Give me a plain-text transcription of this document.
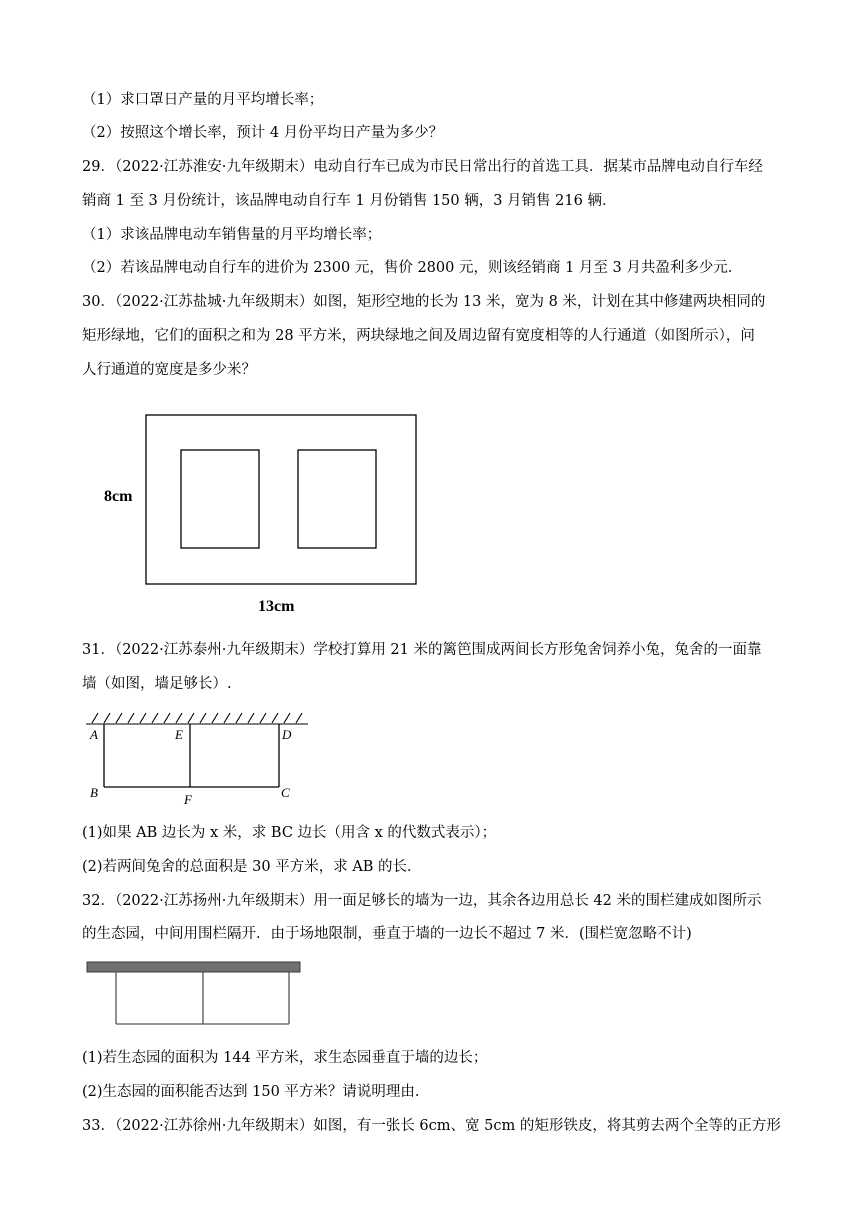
（1）求口罩日产量的月平均增长率；
（2）按照这个增长率，预计 4 月份平均日产量为多少？
29．（2022·江苏淮安·九年级期末）电动自行车已成为市民日常出行的首选工具．据某市品牌电动自行车经
销商 1 至 3 月份统计，该品牌电动自行车 1 月份销售 150 辆，3 月销售 216 辆．
（1）求该品牌电动车销售量的月平均增长率；
（2）若该品牌电动自行车的进价为 2300 元，售价 2800 元，则该经销商 1 月至 3 月共盈利多少元．
30．（2022·江苏盐城·九年级期末）如图，矩形空地的长为 13 米，宽为 8 米，计划在其中修建两块相同的
矩形绿地，它们的面积之和为 28 平方米，两块绿地之间及周边留有宽度相等的人行通道（如图所示），问
人行通道的宽度是多少米？
8cm
13cm
31．（2022·江苏泰州·九年级期末）学校打算用 21 米的篱笆围成两间长方形兔舍饲养小兔，兔舍的一面靠
墙（如图，墙足够长）.
A	E	D
B	F	C
(1)如果 AB 边长为 x 米，求 BC 边长（用含 x 的代数式表示）；
(2)若两间兔舍的总面积是 30 平方米，求 AB 的长．
32．（2022·江苏扬州·九年级期末）用一面足够长的墙为一边，其余各边用总长 42 米的围栏建成如图所示
的生态园，中间用围栏隔开．由于场地限制，垂直于墙的一边长不超过 7 米．(围栏宽忽略不计)
(1)若生态园的面积为 144 平方米，求生态园垂直于墙的边长；
(2)生态园的面积能否达到 150 平方米？请说明理由．
33．（2022·江苏徐州·九年级期末）如图，有一张长 6cm、宽 5cm 的矩形铁皮，将其剪去两个全等的正方形
